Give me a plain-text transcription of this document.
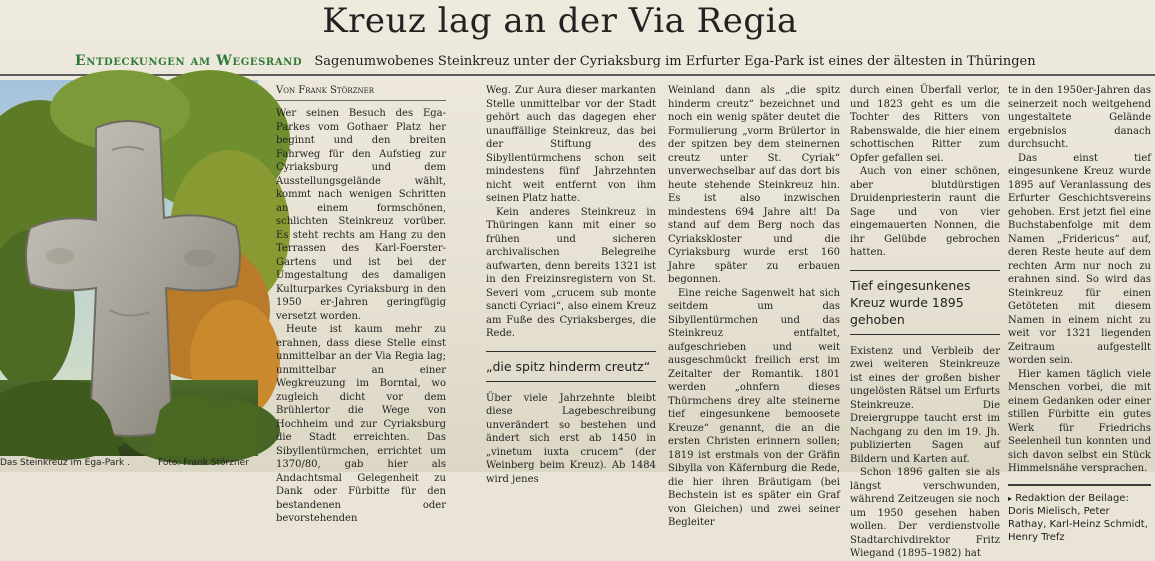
Kreuz lag an der Via Regia
Entdeckungen am Wegesrand Sagenumwobenes Steinkreuz unter der Cyriaksburg im Erfurter Ega-Park ist eines der ältesten in Thüringen
Das Steinkreuz im Ega-Park .	Foto: Frank Störzner
Von Frank Störzner

Wer seinen Besuch des Ega-Parkes vom Gothaer Platz her beginnt und den breiten Fahrweg für den Aufstieg zur Cyriaksburg und dem Ausstellungsgelände wählt, kommt nach wenigen Schritten an einem formschönen, schlichten Steinkreuz vorüber. Es steht rechts am Hang zu den Terrassen des Karl-Foerster-Gartens und ist bei der Umgestaltung des damaligen Kulturparkes Cyriaksburg in den 1950 er-Jahren geringfügig versetzt worden.

Heute ist kaum mehr zu erahnen, dass diese Stelle einst unmittelbar an der Via Regia lag; unmittelbar an einer Wegkreuzung im Borntal, wo zugleich dicht vor dem Brühlertor die Wege von Hochheim und zur Cyriaksburg die Stadt erreichten. Das Sibyllentürmchen, errichtet um 1370/80, gab hier als Andachtsmal Gelegenheit zu Dank oder Fürbitte für den bestandenen oder bevorstehenden

Weg. Zur Aura dieser markanten Stelle unmittelbar vor der Stadt gehört auch das dagegen eher unauffällige Steinkreuz, das bei der Stiftung des Sibyllentürmchens schon seit mindestens fünf Jahrzehnten nicht weit entfernt von ihm seinen Platz hatte.

Kein anderes Steinkreuz in Thüringen kann mit einer so frühen und sicheren archivalischen Belegreihe aufwarten, denn bereits 1321 ist in den Freizinsregistern von St. Severi vom „crucem sub monte sancti Cyriaci“, also einem Kreuz am Fuße des Cyriaksberges, die Rede.

„die spitz hinderm creutz“

Über viele Jahrzehnte bleibt diese Lagebeschreibung unverändert so bestehen und ändert sich erst ab 1450 in „vinetum iuxta crucem“ (der Weinberg beim Kreuz). Ab 1484 wird jenes

Weinland dann als „die spitz hinderm creutz“ bezeichnet und noch ein wenig später deutet die Formulierung „vorm Brülertor in der spitzen bey dem steinernen creutz unter St. Cyriak“ unverwechselbar auf das dort bis heute stehende Steinkreuz hin. Es ist also inzwischen mindestens 694 Jahre alt! Da stand auf dem Berg noch das Cyriakskloster und die Cyriaksburg wurde erst 160 Jahre später zu erbauen begonnen.

Eine reiche Sagenwelt hat sich seitdem um das Sibyllentürmchen und das Steinkreuz entfaltet, aufgeschrieben und weit ausgeschmückt freilich erst im Zeitalter der Romantik. 1801 werden „ohnfern dieses Thürmchens drey alte steinerne tief eingesunkene bemoosete Kreuze“ genannt, die an die ersten Christen erinnern sollen; 1819 ist erstmals von der Gräfin Sibylla von Käfernburg die Rede, die hier ihren Bräutigam (bei Bechstein ist es später ein Graf von Gleichen) und zwei seiner Begleiter

durch einen Überfall verlor, und 1823 geht es um die Tochter des Ritters von Rabenswalde, die hier einem schottischen Ritter zum Opfer gefallen sei.

Auch von einer schönen, aber blutdürstigen Druidenpriesterin raunt die Sage und von vier eingemauerten Nonnen, die ihr Gelübde gebrochen hatten.

Tief eingesunkenes Kreuz wurde 1895 gehoben

Existenz und Verbleib der zwei weiteren Steinkreuze ist eines der großen bisher ungelösten Rätsel um Erfurts Steinkreuze. Die Dreiergruppe taucht erst im Nachgang zu den im 19. Jh. publizierten Sagen auf Bildern und Karten auf.

Schon 1896 galten sie als längst verschwunden, während Zeitzeugen sie noch um 1950 gesehen haben wollen. Der verdienstvolle Stadtarchivdirektor Fritz Wiegand (1895–1982) hat

te in den 1950er-Jahren das seinerzeit noch weitgehend ungestaltete Gelände ergebnislos danach durchsucht.

Das einst tief eingesunkene Kreuz wurde 1895 auf Veranlassung des Erfurter Geschichtsvereins gehoben. Erst jetzt fiel eine Buchstabenfolge mit dem Namen „Fridericus“ auf, deren Reste heute auf dem rechten Arm nur noch zu erahnen sind. So wird das Steinkreuz für einen Getöteten mit diesem Namen in einem nicht zu weit vor 1321 liegenden Zeitraum aufgestellt worden sein.

Hier kamen täglich viele Menschen vorbei, die mit einem Gedanken oder einer stillen Fürbitte ein gutes Werk für Friedrichs Seelenheil tun konnten und sich davon selbst ein Stück Himmelsnähe versprachen.

▸ Redaktion der Beilage: Doris Mielisch, Peter Rathay, Karl-Heinz Schmidt, Henry Trefz
